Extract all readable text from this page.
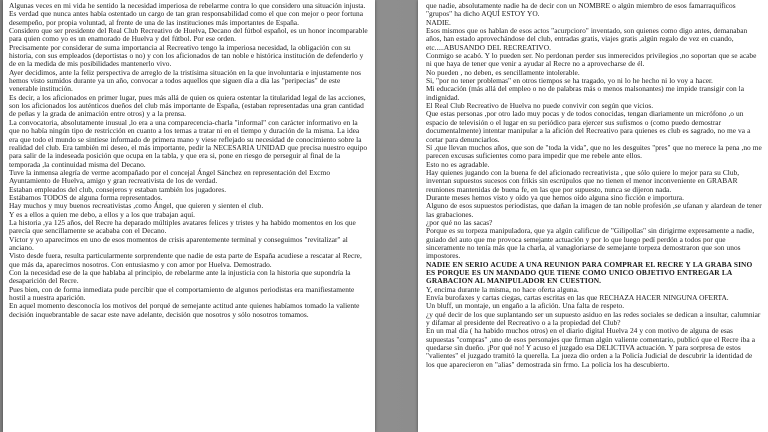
Algunas veces en mi vida he sentido la necesidad imperiosa de rebelarme contra lo que considero una situación injusta.

Es verdad que nunca antes había ostentado un cargo de tan gran responsabilidad como el que con mejor o peor fortuna desempeño, por propia voluntad, al frente de una de las instituciones más importantes de España.

Considero que ser presidente del Real Club Recreativo de Huelva, Decano del fútbol español, es un honor incomparable para quien como yo es un enamorado de Huelva y del fútbol. Por ese orden.

Precisamente por considerar de suma importancia al Recreativo tengo la imperiosa necesidad, la obligación con su historia, con sus empleados (deportistas o no) y con los aficionados de tan noble e histórica institución de defenderlo y de en la medida de mis posibilidades mantenerlo vivo.

Ayer decidimos, ante la feliz perspectiva de arreglo de la tristísima situación en la que involuntaria e injustamente nos hemos visto sumidos durante ya un año, convocar a todos aquellos que siguen día a día las "peripecias" de este venerable institución.

Es decir, a los aficionados en primer lugar, pues más allá de quien os quiera ostentar la titularidad legal de las acciones, son los aficionados los auténticos dueños del club más importante de España, (estaban representadas una gran cantidad de peñas y la grada de animación entre otros) y a la prensa.

La convocatoria, absolutamente inusual ,lo era a una comparecencia-charla "informal" con carácter informativo en la que no había ningún tipo de restricción en cuanto a los temas a tratar ni en el tiempo y duración de la misma. La idea era que todo el mundo se sintiese informado de primera mano y viese reflejado su necesidad de conocimiento sobre la realidad del club. Era también mi deseo, el más importante, pedir la NECESARIA UNIDAD que precisa nuestro equipo para salir de la indeseada posición que ocupa en la tabla, y que era si, pone en riesgo de perseguir al final de la temporada ,la continuidad misma del Decano.

Tuve la inmensa alegría de verme acompañado por el concejal Ángel Sánchez en representación del Excmo Ayuntamiento de Huelva, amigo y gran recreativista de los de verdad.

Estaban empleados del club, consejeros y estaban también los jugadores.

Estábamos TODOS de alguna forma representados.

Hay muchos y muy buenos recreativistas ,como Ángel, que quieren y sienten el club.

Y es a ellos a quien me debo, a ellos y a los que trabajan aquí.

La historia ,ya 125 años, del Recre ha deparado múltiples avatares felices y tristes y ha habido momentos en los que parecía que sencillamente se acababa con el Decano.

Víctor y yo aparecimos en uno de esos momentos de crisis aparentemente terminal y conseguimos "revitalizar" al anciano.

Visto desde fuera, resulta particularmente sorprendente que nadie de esta parte de España acudiese a rescatar al Recre, que más da, aparecimos nosotros. Con entusiasmo y con amor por Huelva. Demostrado.

Con la necesidad ese de la que hablaba al principio, de rebelarme ante la injusticia con la historia que supondría la desaparición del Recre.

Pues bien, con de forma inmediata pude percibir que el comportamiento de algunos periodistas era manifiestamente hostil a nuestra aparición.

En aquel momento desconocía los motivos del porqué de semejante actitud ante quienes habíamos tomado la valiente decisión inquebrantable de sacar este nave adelante, decisión que nosotros y sólo nosotros tomamos.

que nadie, absolutamente nadie ha de decir con un NOMBRE o algún miembro de esos famarraquíficos "grupos" ha dicho AQUÍ ESTOY YO.

NADIE.

Esos mismos que os hablan de esos actos "acurpcioro" inventado, son quienes como digo antes, demanaban años, han estado aprovechándose del club, entradas gratis, viajes gratis ,algún regalo de vez en cuando, etc.....ABUSANDO DEL RECREATIVO.

Conmigo se acabó. Y lo pueden ser. No perdonan perder sus inmerecidos privilegios ,no soportan que se acabe ni que haya de tener que venir a ayudar al Recre no a aprovecharse de él.

No pueden , no deben, es sencillamente intolerable.

Si, "por no tener problemas" en otros tiempos se ha tragado, yo ni lo he hecho ni lo voy a hacer.

Mi educación (más allá del empleo o no de palabras más o menos malsonantes) me impide transigir con la indignidad.

El Real Club Recreativo de Huelva no puede convivir con según que vicios.

Que estas personas ,por otro lado muy pocas y de todos conocidas, tengan diariamente un micrófono ,o un espacio de televisión o el lugar en su periódico para ejercer sus sufismos o (como puedo demostrar documentalmente) intentar manipular a la afición del Recreativo para quienes es club es sagrado, no me va a cortar para denunciarlos.

Sí ,que llevan muchos años, que son de "toda la vida", que no les desguites "pres" que no merece la pena ,no me parecen excusas suficientes como para impedir que me rebele ante ellos.

Esto no es agradable.

Hay quienes jugando con la buena fe del aficionado recreativista , que sólo quiere lo mejor para su Club, inventan supuestos sucesos con frikis sin escrúpulos que no tienen el menor inconveniente en GRABAR reuniones mantenidas de buena fe, en las que por supuesto, nunca se dijeron nada.

Durante meses hemos visto y oído ya que hemos oído alguna sino ficción e importura.

Alguno de esos supuestos periodistas, que dañan la imagen de tan noble profesión ,se ufanan y alardean de tener las grabaciones.

¿por qué no las sacas?

Porque es su torpeza manipuladora, que ya algún calificue de "Gilipollas" sin dirigirme expresamente a nadie, guiado del auto que me provoca semejante actuación y por lo que luego pedí perdón a todos por que sinceramente no tenía más que la charla, al vanagloriarse de semejante torpeza demostraron que son unos impostores.

NADIE EN SERIO ACUDE A UNA REUNION PARA COMPRAR EL RECRE Y LA GRABA SINO ES PORQUE ES UN MANDADO QUE TIENE COMO UNICO OBJETIVO ENTREGAR LA GRABACION AL MANIPULADOR EN CUESTION.

Y, encima durante la misma, no hace oferta alguna.

Envía burofaxes y cartas ciegas, cartas escritas en las que RECHAZA HACER NINGUNA OFERTA.

Un bluff, un montaje, un engaño a la afición. Una falta de respeto.

¿y qué decir de los que suplantando ser un supuesto asiduo en las redes sociales se dedican a insultar, calumniar y difamar al presidente del Recreativo o a la propiedad del Club?

En un mal día ( ha habido muchos otros) en el diario digital Huelva 24 y con motivo de alguna de esas supuestas "compras" ,uno de esos personajes que firman algún valiente comentario, publicó que el Recre iba a quedarse sin dueño. ¡Por qué no! Y acuso el juzgado esa DELICTIVA actuación. Y para sorpresa de estos "valientes" el juzgado tramitó la querella. La jueza dio orden a la Policía Judicial de descubrir la identidad de los que aparecieron en "alias" demostrada sin frmo. La policía los ha descubierto.
